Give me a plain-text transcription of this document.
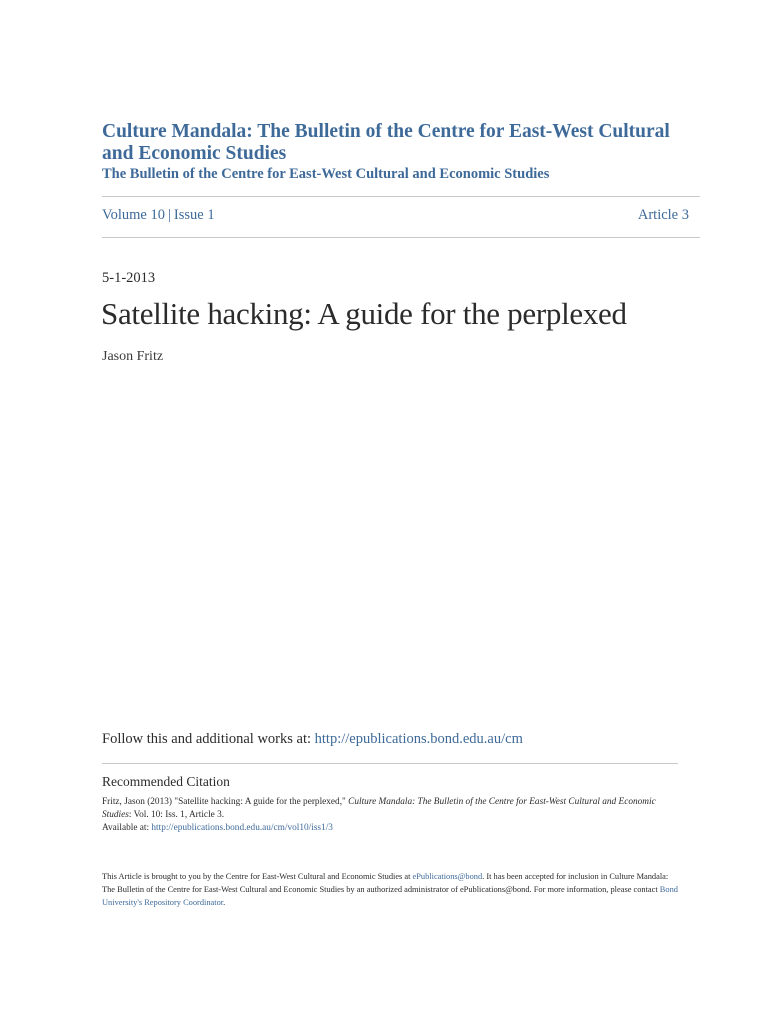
Culture Mandala: The Bulletin of the Centre for East-West Cultural and Economic Studies
The Bulletin of the Centre for East-West Cultural and Economic Studies
Volume 10 | Issue 1	Article 3
5-1-2013
Satellite hacking: A guide for the perplexed
Jason Fritz
Follow this and additional works at: http://epublications.bond.edu.au/cm
Recommended Citation
Fritz, Jason (2013) "Satellite hacking: A guide for the perplexed," Culture Mandala: The Bulletin of the Centre for East-West Cultural and Economic Studies: Vol. 10: Iss. 1, Article 3.
Available at: http://epublications.bond.edu.au/cm/vol10/iss1/3
This Article is brought to you by the Centre for East-West Cultural and Economic Studies at ePublications@bond. It has been accepted for inclusion in Culture Mandala: The Bulletin of the Centre for East-West Cultural and Economic Studies by an authorized administrator of ePublications@bond. For more information, please contact Bond University's Repository Coordinator.
